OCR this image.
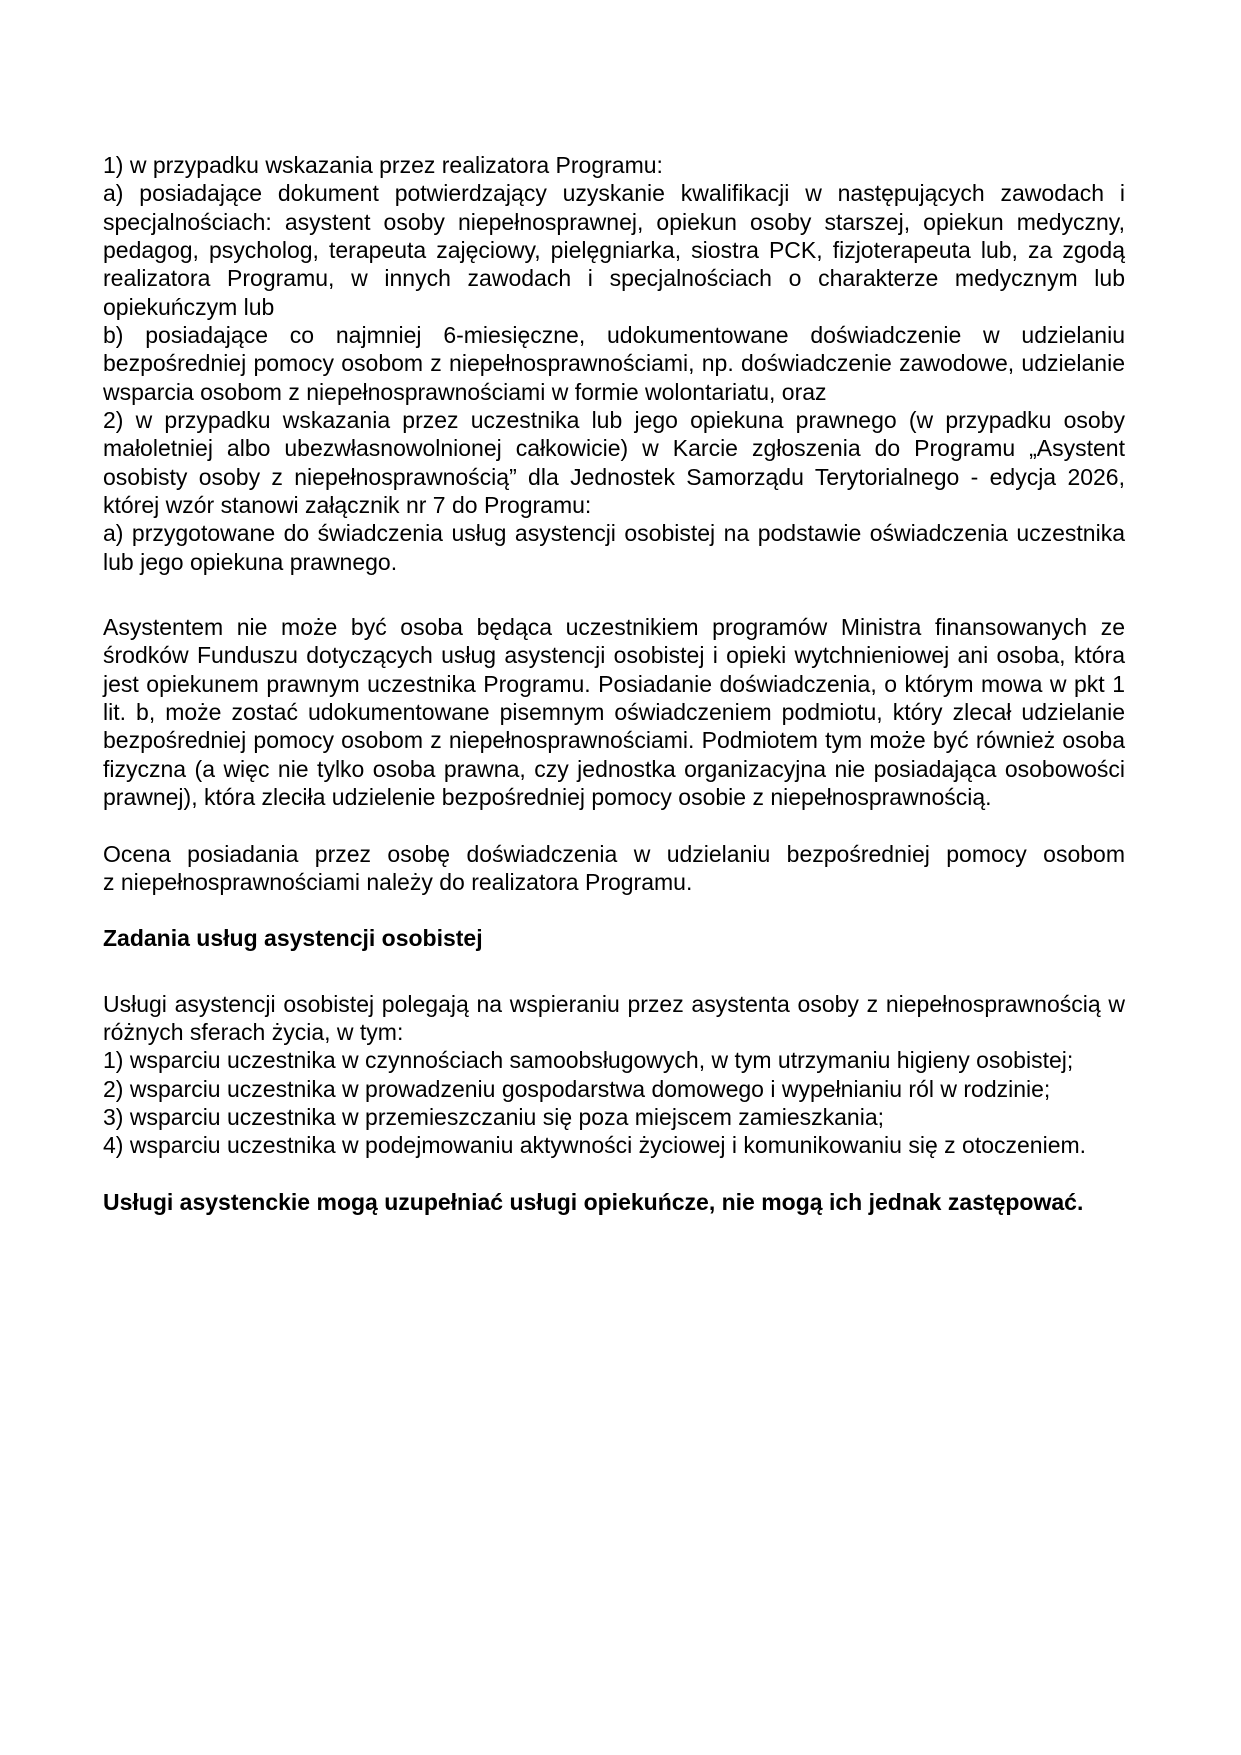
1) w przypadku wskazania przez realizatora Programu:

a) posiadające dokument potwierdzający uzyskanie kwalifikacji w następujących zawodach i specjalnościach: asystent osoby niepełnosprawnej, opiekun osoby starszej, opiekun medyczny, pedagog, psycholog, terapeuta zajęciowy, pielęgniarka, siostra PCK, fizjoterapeuta lub, za zgodą realizatora Programu, w innych zawodach i specjalnościach o charakterze medycznym lub opiekuńczym lub

b) posiadające co najmniej 6-miesięczne, udokumentowane doświadczenie w udzielaniu bezpośredniej pomocy osobom z niepełnosprawnościami, np. doświadczenie zawodowe, udzielanie wsparcia osobom z niepełnosprawnościami w formie wolontariatu, oraz

2) w przypadku wskazania przez uczestnika lub jego opiekuna prawnego (w przypadku osoby małoletniej albo ubezwłasnowolnionej całkowicie) w Karcie zgłoszenia do Programu „Asystent osobisty osoby z niepełnosprawnością” dla Jednostek Samorządu Terytorialnego - edycja 2026, której wzór stanowi załącznik nr 7 do Programu:

a) przygotowane do świadczenia usług asystencji osobistej na podstawie oświadczenia uczestnika lub jego opiekuna prawnego.

Asystentem nie może być osoba będąca uczestnikiem programów Ministra finansowanych ze środków Funduszu dotyczących usług asystencji osobistej i opieki wytchnieniowej ani osoba, która jest opiekunem prawnym uczestnika Programu. Posiadanie doświadczenia, o którym mowa w pkt 1 lit. b, może zostać udokumentowane pisemnym oświadczeniem podmiotu, który zlecał udzielanie bezpośredniej pomocy osobom z niepełnosprawnościami. Podmiotem tym może być również osoba fizyczna (a więc nie tylko osoba prawna, czy jednostka organizacyjna nie posiadająca osobowości prawnej), która zleciła udzielenie bezpośredniej pomocy osobie z niepełnosprawnością.

Ocena posiadania przez osobę doświadczenia w udzielaniu bezpośredniej pomocy osobom z niepełnosprawnościami należy do realizatora Programu.

Zadania usług asystencji osobistej

Usługi asystencji osobistej polegają na wspieraniu przez asystenta osoby z niepełnosprawnością w różnych sferach życia, w tym:

1) wsparciu uczestnika w czynnościach samoobsługowych, w tym utrzymaniu higieny osobistej;

2) wsparciu uczestnika w prowadzeniu gospodarstwa domowego i wypełnianiu ról w rodzinie;

3) wsparciu uczestnika w przemieszczaniu się poza miejscem zamieszkania;

4) wsparciu uczestnika w podejmowaniu aktywności życiowej i komunikowaniu się z otoczeniem.

Usługi asystenckie mogą uzupełniać usługi opiekuńcze, nie mogą ich jednak zastępować.
